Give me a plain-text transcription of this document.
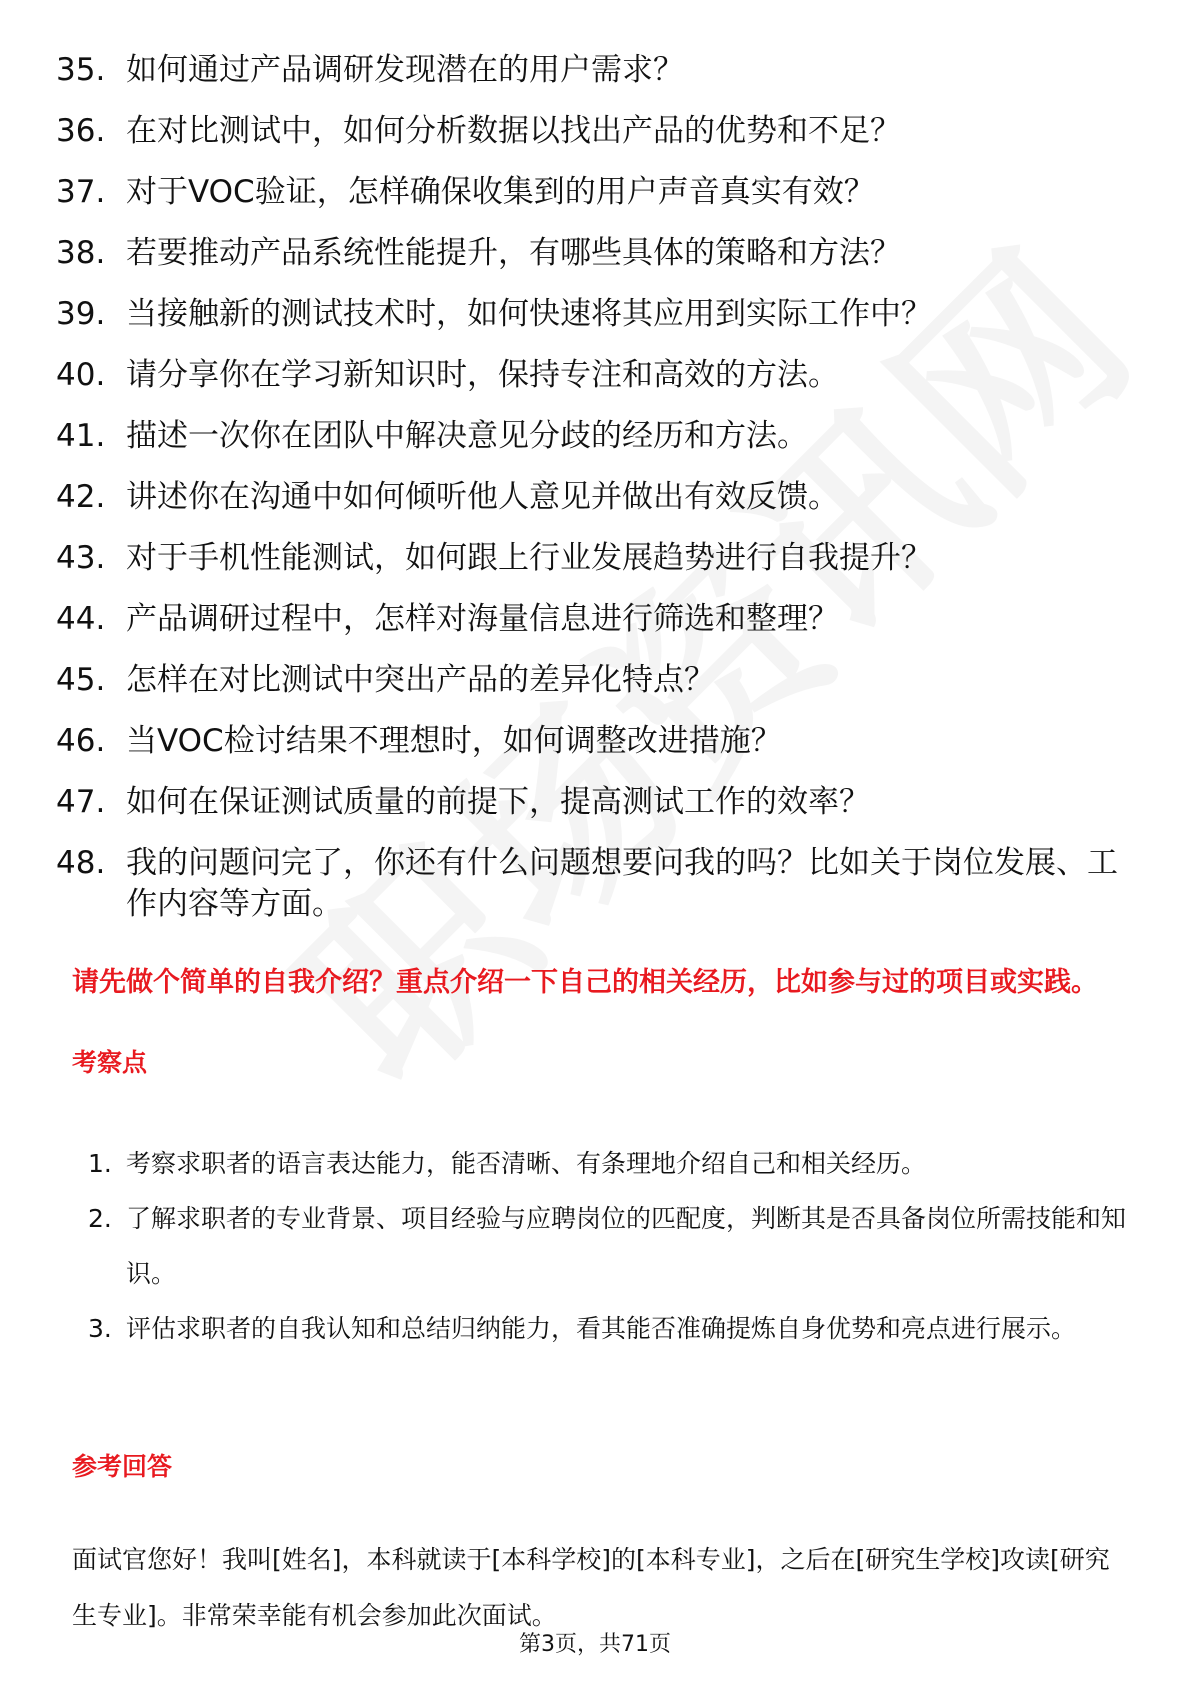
35. 如何通过产品调研发现潜在的用户需求？
36. 在对比测试中，如何分析数据以找出产品的优势和不足？
37. 对于VOC验证，怎样确保收集到的用户声音真实有效？
38. 若要推动产品系统性能提升，有哪些具体的策略和方法？
39. 当接触新的测试技术时，如何快速将其应用到实际工作中？
40. 请分享你在学习新知识时，保持专注和高效的方法。
41. 描述一次你在团队中解决意见分歧的经历和方法。
42. 讲述你在沟通中如何倾听他人意见并做出有效反馈。
43. 对于手机性能测试，如何跟上行业发展趋势进行自我提升？
44. 产品调研过程中，怎样对海量信息进行筛选和整理？
45. 怎样在对比测试中突出产品的差异化特点？
46. 当VOC检讨结果不理想时，如何调整改进措施？
47. 如何在保证测试质量的前提下，提高测试工作的效率？
48. 我的问题问完了，你还有什么问题想要问我的吗？比如关于岗位发展、工作内容等方面。
请先做个简单的自我介绍？重点介绍一下自己的相关经历，比如参与过的项目或实践。
考察点
1. 考察求职者的语言表达能力，能否清晰、有条理地介绍自己和相关经历。
2. 了解求职者的专业背景、项目经验与应聘岗位的匹配度，判断其是否具备岗位所需技能和知识。
3. 评估求职者的自我认知和总结归纳能力，看其能否准确提炼自身优势和亮点进行展示。
参考回答
面试官您好！我叫[姓名]，本科就读于[本科学校]的[本科专业]，之后在[研究生学校]攻读[研究生专业]。非常荣幸能有机会参加此次面试。
第3页，共71页
